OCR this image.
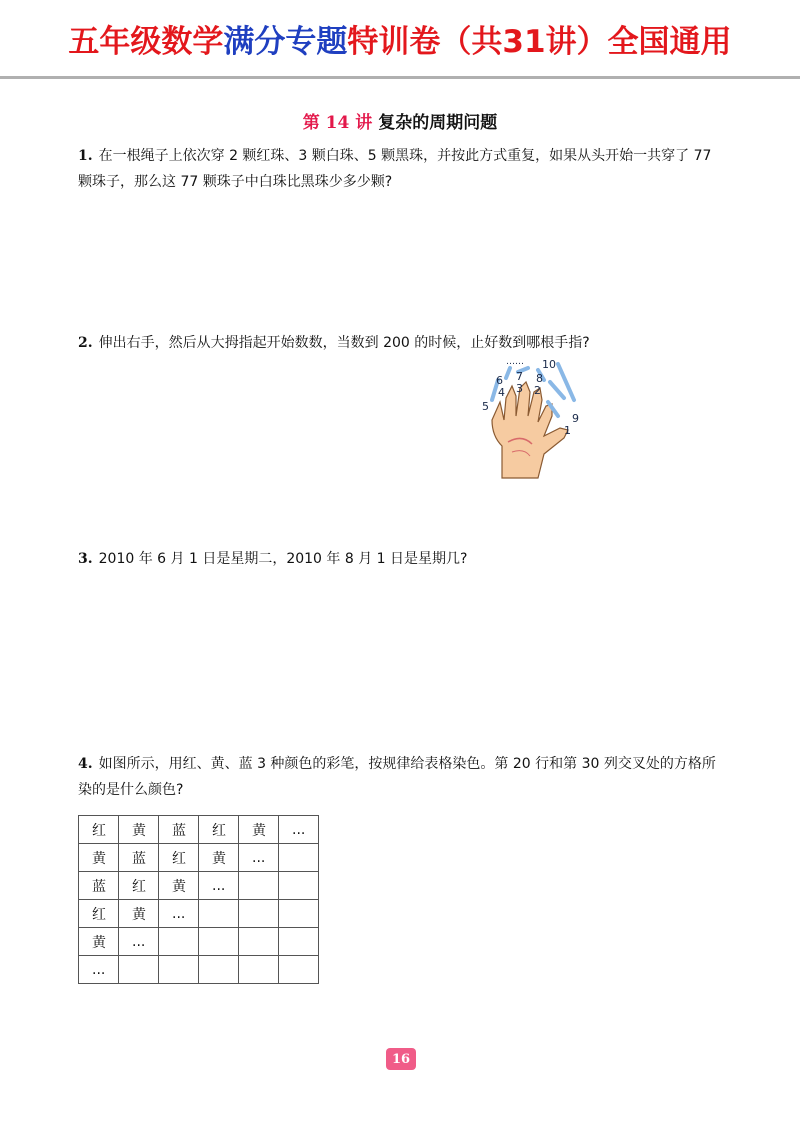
五年级数学 满分专题 特训卷（共31讲）全国通用
第 14 讲 复杂的周期问题
1. 在一根绳子上依次穿 2 颗红珠、3 颗白珠、5 颗黑珠，并按此方式重复，如果从头开始一共穿了 77 颗珠子，那么这 77 颗珠子中白珠比黑珠少多少颗?
2. 伸出右手，然后从大拇指起开始数数，当数到 200 的时候，止好数到哪根手指?
…… 10
7 8
6
3
4	2
5
9
1
3. 2010 年 6 月 1 日是星期二，2010 年 8 月 1 日是星期几?
4. 如图所示，用红、黄、蓝 3 种颜色的彩笔，按规律给表格染色。第 20 行和第 30 列交叉处的方格所染的是什么颜色?
红	黄	蓝	红	黄	...
黄	蓝	红	黄	...	
蓝	红	黄	...		
红	黄	...			
黄	...				
...					
16
